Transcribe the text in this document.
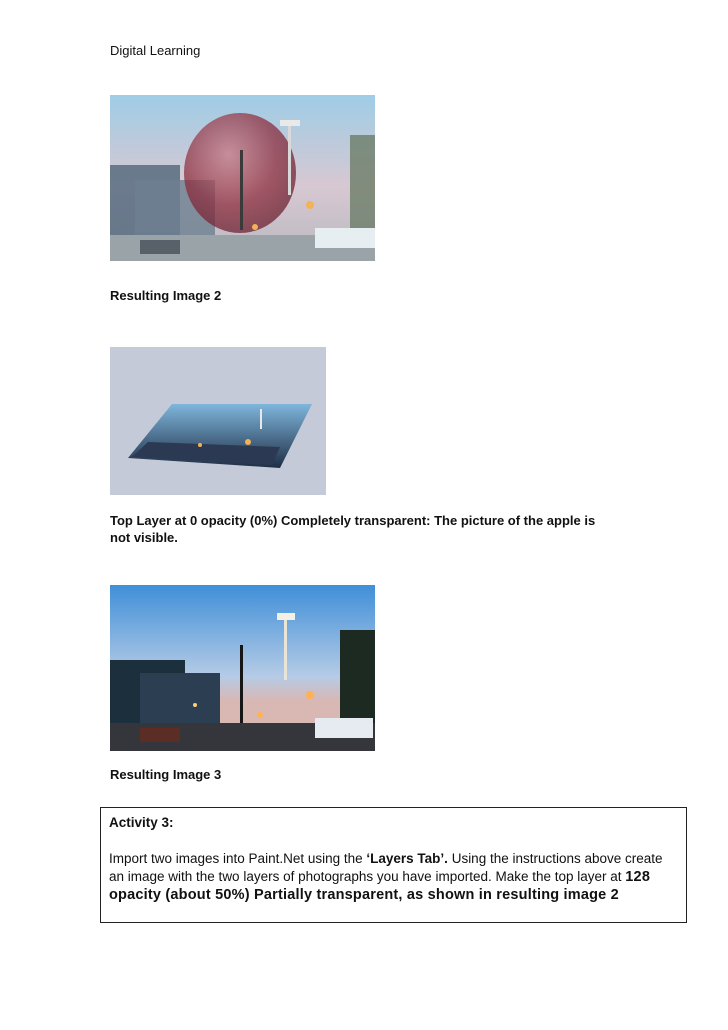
Digital Learning
Resulting Image 2
Top Layer at 0 opacity (0%) Completely transparent: The picture of the apple is
not visible.
Resulting Image 3
Activity 3:
Import two images into Paint.Net using the ‘Layers Tab’. Using the instructions above create an image with the two layers of photographs you have imported. Make the top layer at 128 opacity (about 50%) Partially transparent, as shown in resulting image 2
